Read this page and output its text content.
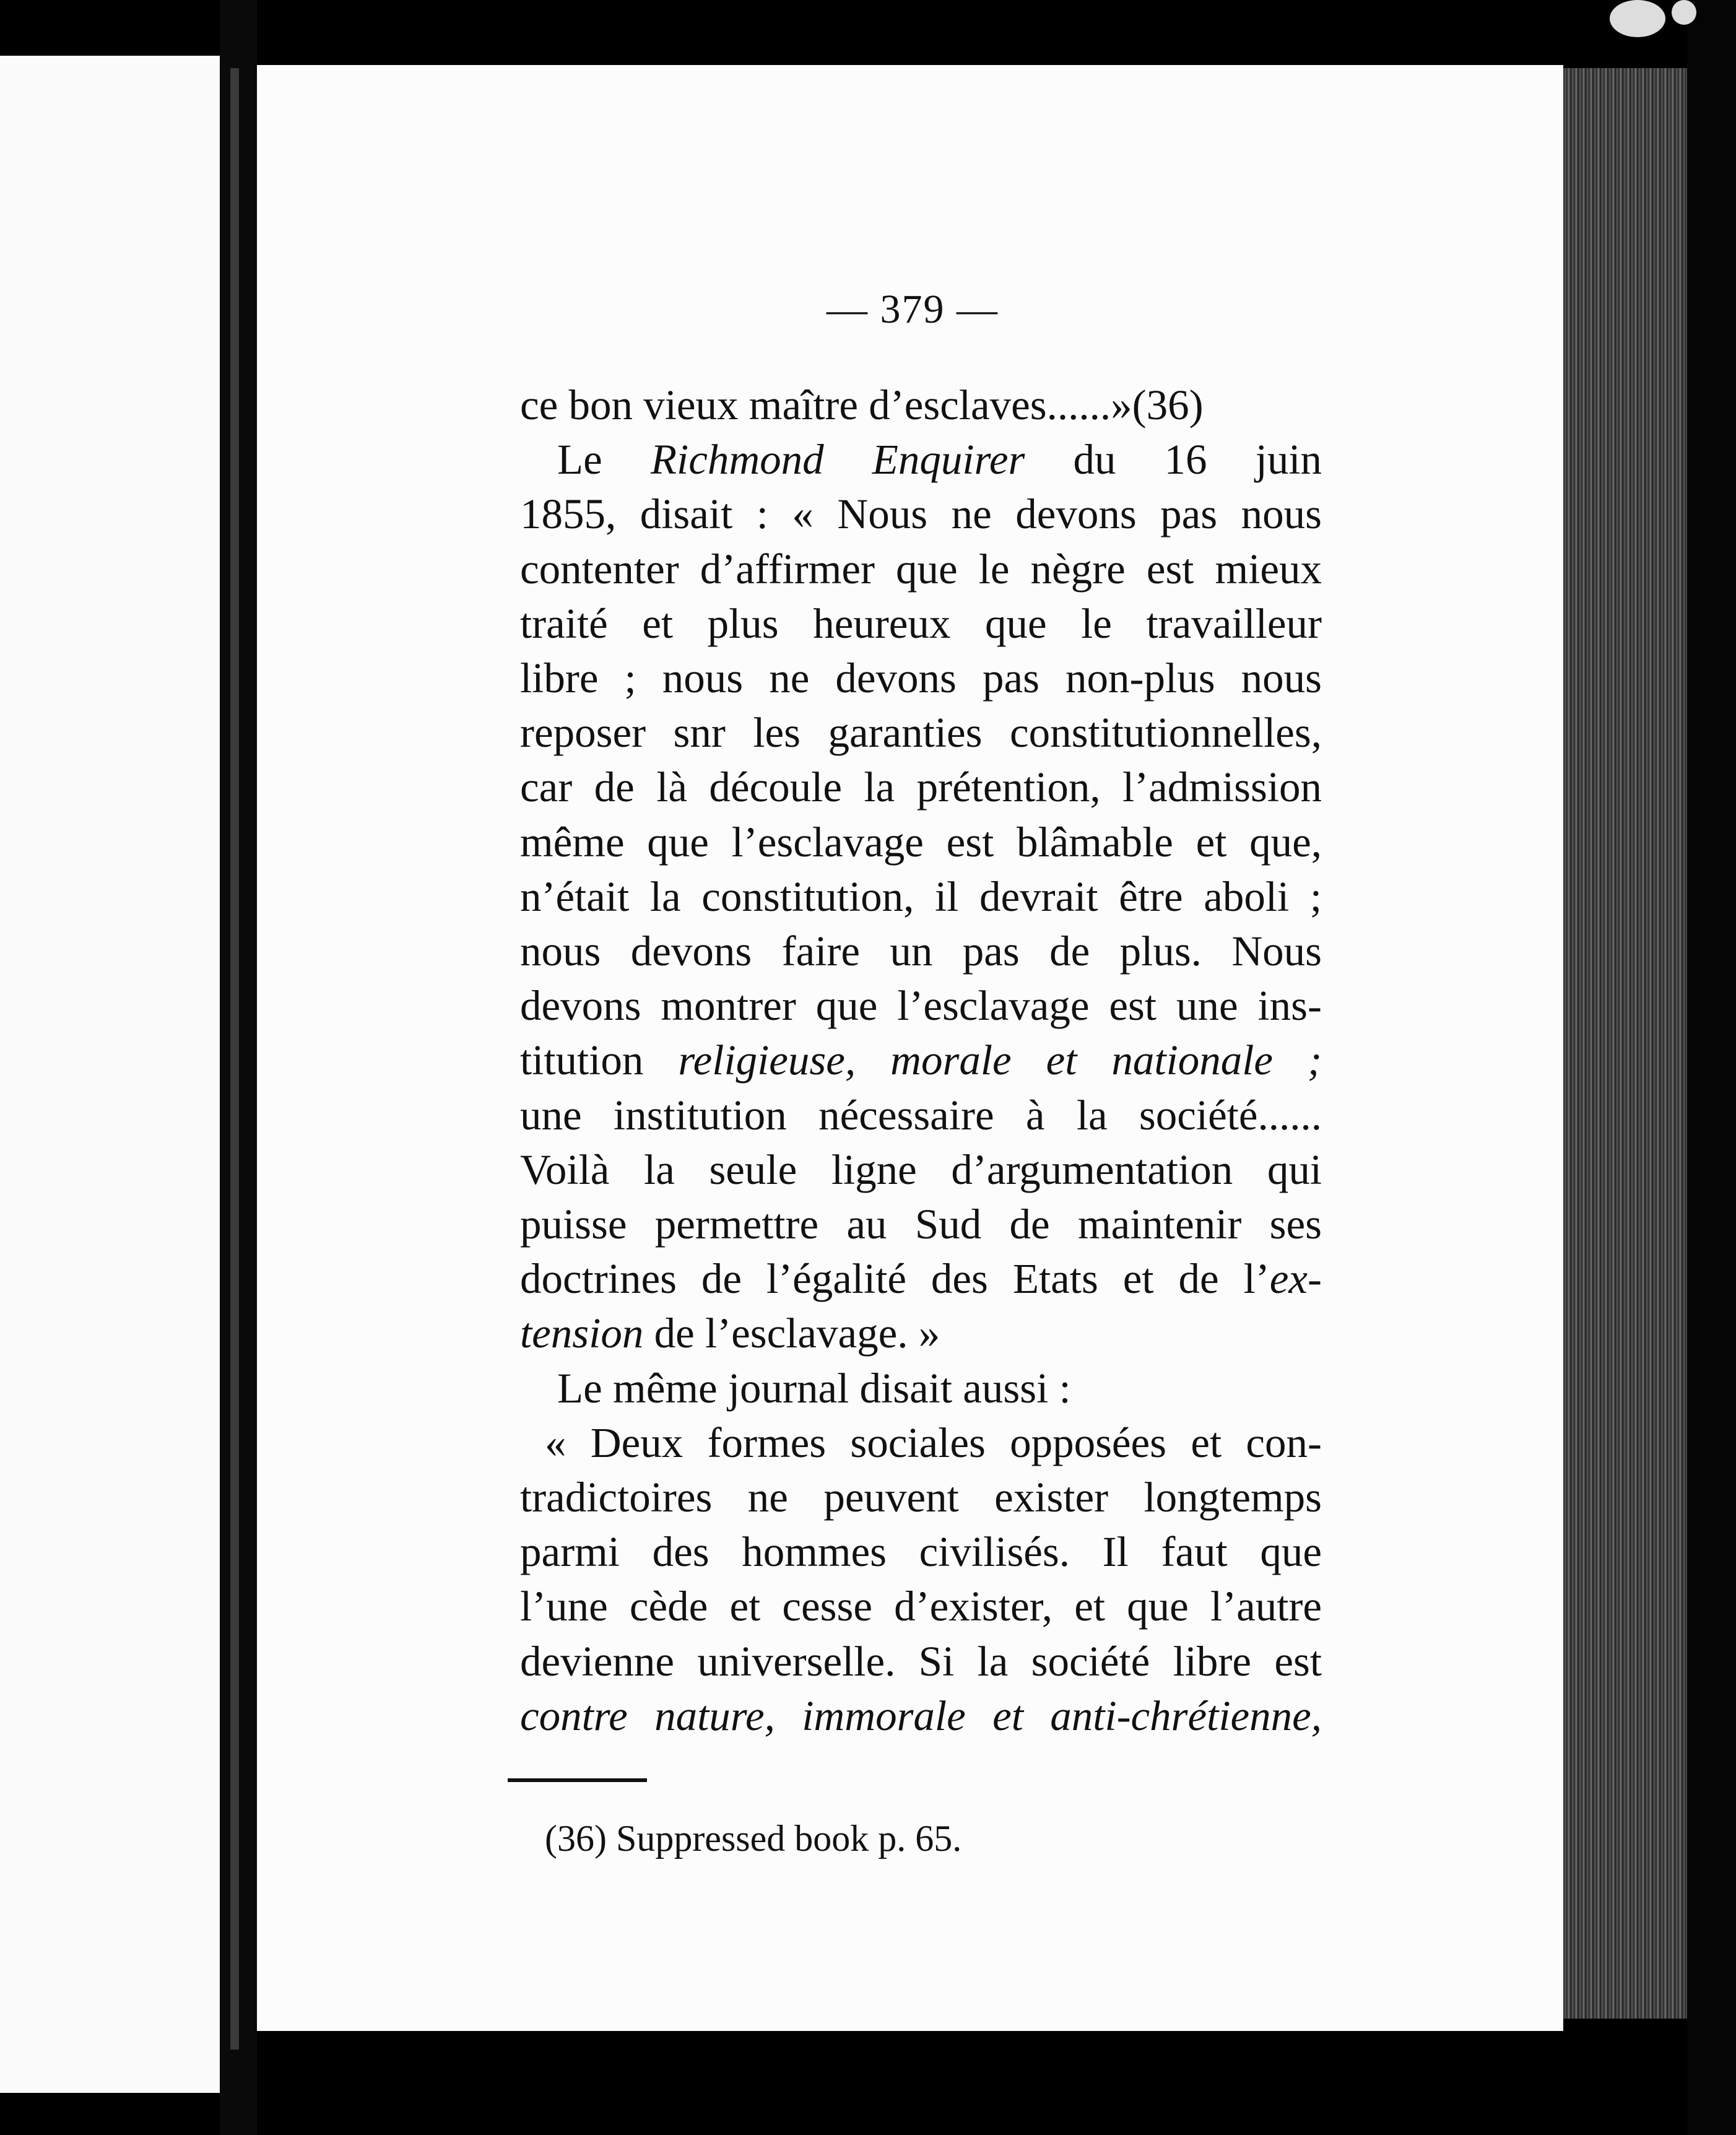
— 379 —
ce bon vieux maître d’esclaves......»(36)
Le Richmond Enquirer du 16 juin
1855, disait : « Nous ne devons pas nous
contenter d’affirmer que le nègre est mieux
traité et plus heureux que le travailleur
libre ; nous ne devons pas non-plus nous
reposer snr les garanties constitutionnelles,
car de là découle la prétention, l’admission
même que l’esclavage est blâmable et que,
n’était la constitution, il devrait être aboli ;
nous devons faire un pas de plus. Nous
devons montrer que l’esclavage est une ins-
titution religieuse, morale et nationale ;
une institution nécessaire à la société......
Voilà la seule ligne d’argumentation qui
puisse permettre au Sud de maintenir ses
doctrines de l’égalité des Etats et de l’ex-
tension de l’esclavage. »
Le même journal disait aussi :
« Deux formes sociales opposées et con-
tradictoires ne peuvent exister longtemps
parmi des hommes civilisés. Il faut que
l’une cède et cesse d’exister, et que l’autre
devienne universelle. Si la société libre est
contre nature, immorale et anti-chrétienne,
(36) Suppressed book p. 65.
